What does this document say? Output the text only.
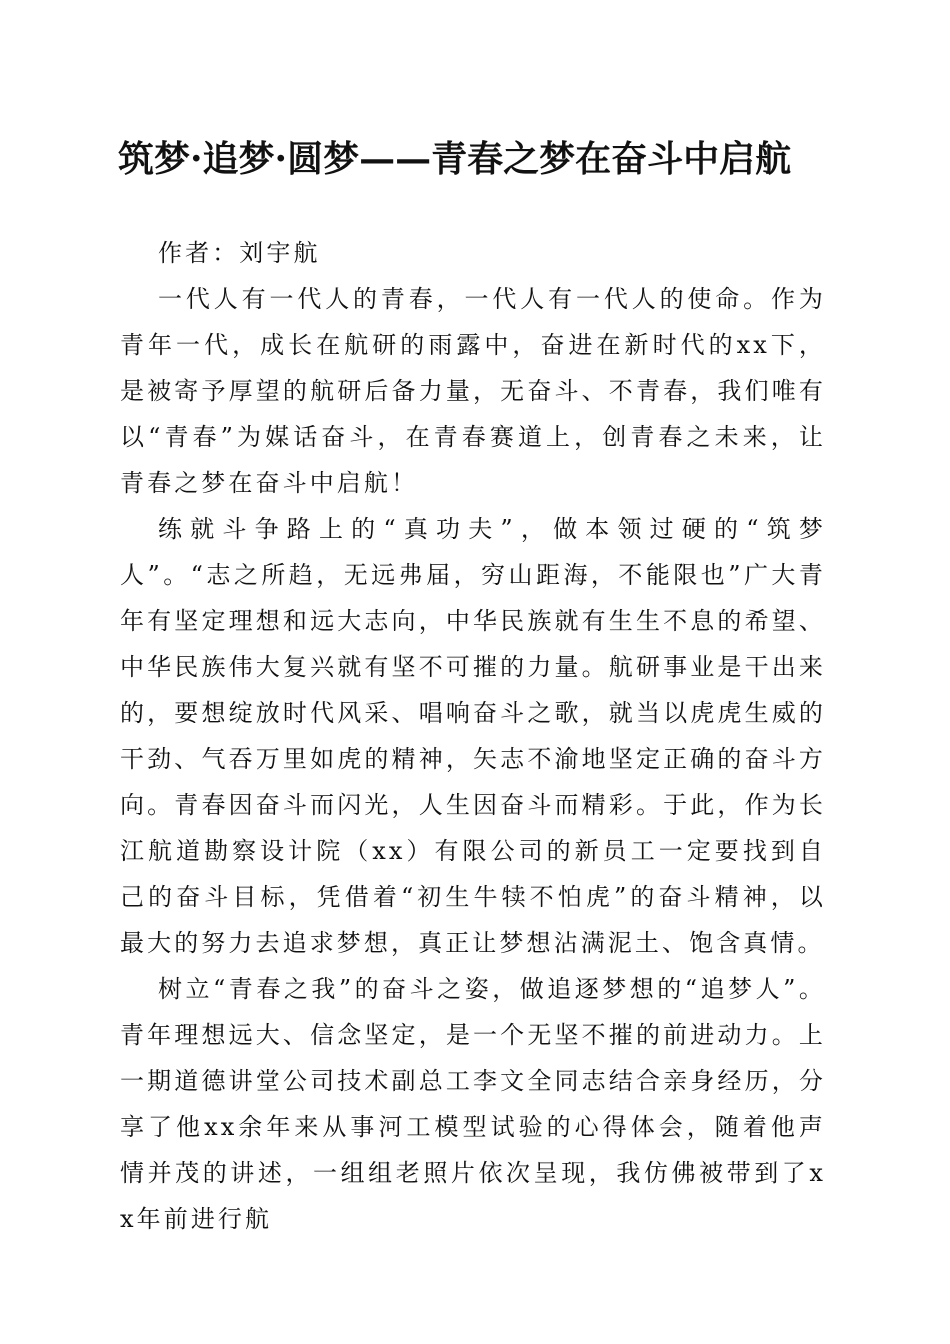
筑梦·追梦·圆梦——青春之梦在奋斗中启航

作者：刘宇航

一代人有一代人的青春，一代人有一代人的使命。作为青年一代，成长在航研的雨露中，奋进在新时代的xx下，是被寄予厚望的航研后备力量，无奋斗、不青春，我们唯有以“青春”为媒话奋斗，在青春赛道上，创青春之未来，让青春之梦在奋斗中启航！

练就斗争路上的“真功夫”，做本领过硬的“筑梦人”。“志之所趋，无远弗届，穷山距海，不能限也”广大青年有坚定理想和远大志向，中华民族就有生生不息的希望、中华民族伟大复兴就有坚不可摧的力量。航研事业是干出来的，要想绽放时代风采、唱响奋斗之歌，就当以虎虎生威的干劲、气吞万里如虎的精神，矢志不渝地坚定正确的奋斗方向。青春因奋斗而闪光，人生因奋斗而精彩。于此，作为长江航道勘察设计院（xx）有限公司的新员工一定要找到自己的奋斗目标，凭借着“初生牛犊不怕虎”的奋斗精神，以最大的努力去追求梦想，真正让梦想沾满泥土、饱含真情。

树立“青春之我”的奋斗之姿，做追逐梦想的“追梦人”。青年理想远大、信念坚定，是一个无坚不摧的前进动力。上一期道德讲堂公司技术副总工李文全同志结合亲身经历，分享了他xx余年来从事河工模型试验的心得体会，随着他声情并茂的讲述，一组组老照片依次呈现，我仿佛被带到了xx年前进行航
